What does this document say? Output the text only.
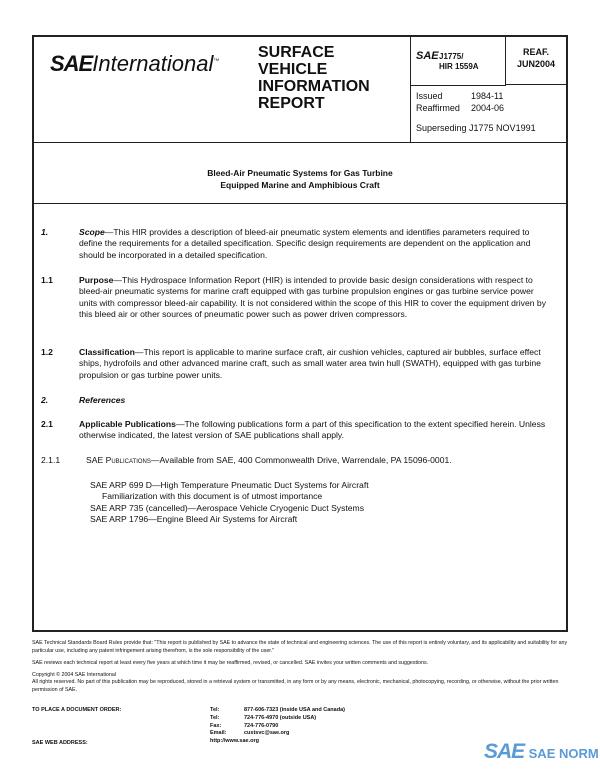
SAEInternational™
SURFACE
VEHICLE
INFORMATION
REPORT
SAE J1775/
HIR 1559A
REAF.
JUN2004
Issued	1984-11
Reaffirmed	2004-06
Superseding J1775 NOV1991
Bleed-Air Pneumatic Systems for Gas Turbine
Equipped Marine and Amphibious Craft
1.	Scope—This HIR provides a description of bleed-air pneumatic system elements and identifies parameters required to define the requirements for a detailed specification. Specific design requirements are dependent on the application and should be incorporated in a detailed specification.
1.1	Purpose—This Hydrospace Information Report (HIR) is intended to provide basic design considerations with respect to bleed-air pneumatic systems for marine craft equipped with gas turbine propulsion engines or gas turbine service power units with compressor bleed-air capability. It is not considered within the scope of this HIR to cover the equipment driven by this bleed air or other sources of pneumatic power such as power driven compressors.
1.2	Classification—This report is applicable to marine surface craft, air cushion vehicles, captured air bubbles, surface effect ships, hydrofoils and other advanced marine craft, such as small water area twin hull (SWATH), equipped with gas turbine propulsion or gas turbine power units.
2.	References
2.1	Applicable Publications—The following publications form a part of this specification to the extent specified herein. Unless otherwise indicated, the latest version of SAE publications shall apply.
2.1.1	SAE Publications—Available from SAE, 400 Commonwealth Drive, Warrendale, PA 15096-0001.
SAE ARP 699 D—High Temperature Pneumatic Duct Systems for Aircraft
Familiarization with this document is of utmost importance
SAE ARP 735 (cancelled)—Aerospace Vehicle Cryogenic Duct Systems
SAE ARP 1796—Engine Bleed Air Systems for Aircraft
SAE Technical Standards Board Rules provide that: "This report is published by SAE to advance the state of technical and engineering sciences. The use of this report is entirely voluntary, and its applicability and suitability for any particular use, including any patent infringement arising therefrom, is the sole responsibility of the user."
SAE reviews each technical report at least every five years at which time it may be reaffirmed, revised, or cancelled. SAE invites your written comments and suggestions.
Copyright © 2004 SAE International
All rights reserved. No part of this publication may be reproduced, stored in a retrieval system or transmitted, in any form or by any means, electronic, mechanical, photocopying, recording, or otherwise, without the prior written permission of SAE.
TO PLACE A DOCUMENT ORDER:
SAE WEB ADDRESS:
Tel:	877-606-7323 (inside USA and Canada)
Tel:	724-776-4970 (outside USA)
Fax:	724-776-0790
Email:	custsvc@sae.org
http://www.sae.org	SAE SAE NORM
